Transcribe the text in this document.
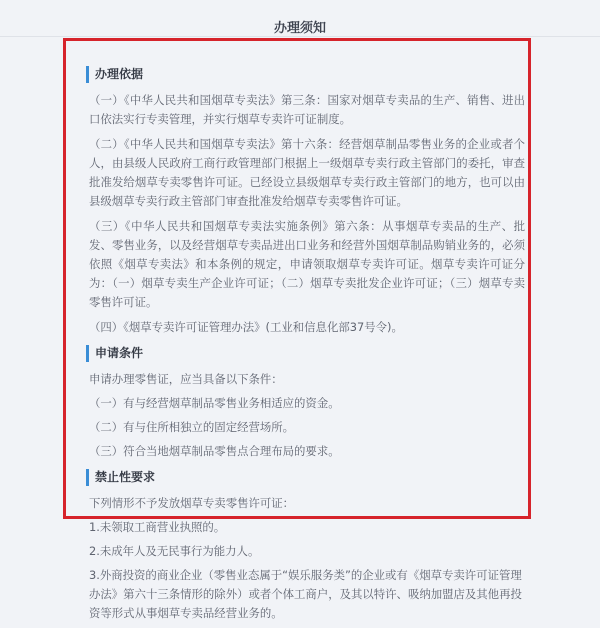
办理须知
办理依据

（一）《中华人民共和国烟草专卖法》第三条：国家对烟草专卖品的生产、销售、进出口依法实行专卖管理，并实行烟草专卖许可证制度。

（二）《中华人民共和国烟草专卖法》第十六条：经营烟草制品零售业务的企业或者个人，由县级人民政府工商行政管理部门根据上一级烟草专卖行政主管部门的委托，审查批准发给烟草专卖零售许可证。已经设立县级烟草专卖行政主管部门的地方，也可以由县级烟草专卖行政主管部门审查批准发给烟草专卖零售许可证。

（三）《中华人民共和国烟草专卖法实施条例》第六条：从事烟草专卖品的生产、批发、零售业务，以及经营烟草专卖品进出口业务和经营外国烟草制品购销业务的，必须依照《烟草专卖法》和本条例的规定，申请领取烟草专卖许可证。烟草专卖许可证分为：（一）烟草专卖生产企业许可证；（二）烟草专卖批发企业许可证；（三）烟草专卖零售许可证。

（四）《烟草专卖许可证管理办法》(工业和信息化部37号令)。

申请条件

申请办理零售证，应当具备以下条件：

（一）有与经营烟草制品零售业务相适应的资金。

（二）有与住所相独立的固定经营场所。

（三）符合当地烟草制品零售点合理布局的要求。

禁止性要求

下列情形不予发放烟草专卖零售许可证：

1.未领取工商营业执照的。

2.未成年人及无民事行为能力人。

3.外商投资的商业企业（零售业态属于“娱乐服务类”的企业或有《烟草专卖许可证管理办法》第六十三条情形的除外）或者个体工商户，及其以特许、吸纳加盟店及其他再投资等形式从事烟草专卖品经营业务的。
